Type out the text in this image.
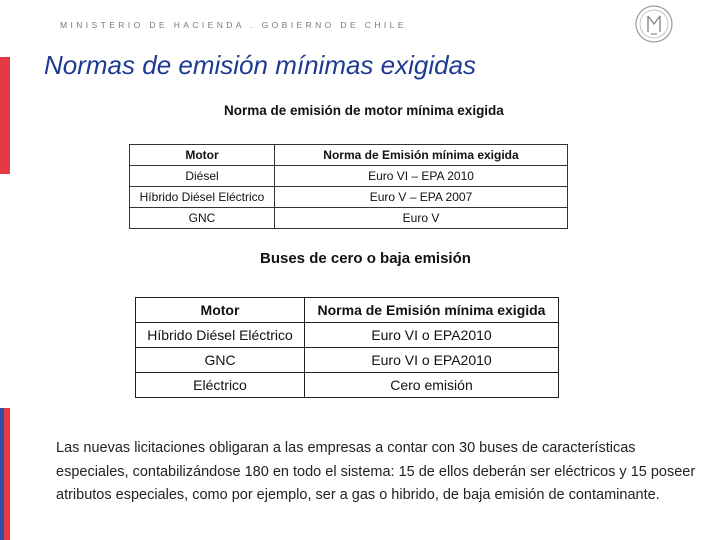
MINISTERIO DE HACIENDA . GOBIERNO DE CHILE
Normas de emisión mínimas exigidas
Norma de emisión de motor mínima exigida
Motor	Norma de Emisión mínima exigida
Diésel	Euro VI – EPA 2010
Híbrido Diésel Eléctrico	Euro V – EPA 2007
GNC	Euro V
Buses de cero o baja emisión
Motor	Norma de Emisión mínima exigida
Híbrido Diésel Eléctrico	Euro VI o EPA2010
GNC	Euro VI o EPA2010
Eléctrico	Cero emisión
Las nuevas licitaciones obligaran a las empresas a contar con 30 buses de características especiales, contabilizándose 180 en todo el sistema: 15 de ellos deberán ser eléctricos y 15 poseer atributos especiales, como por ejemplo, ser a gas o hibrido, de baja emisión de contaminante.
